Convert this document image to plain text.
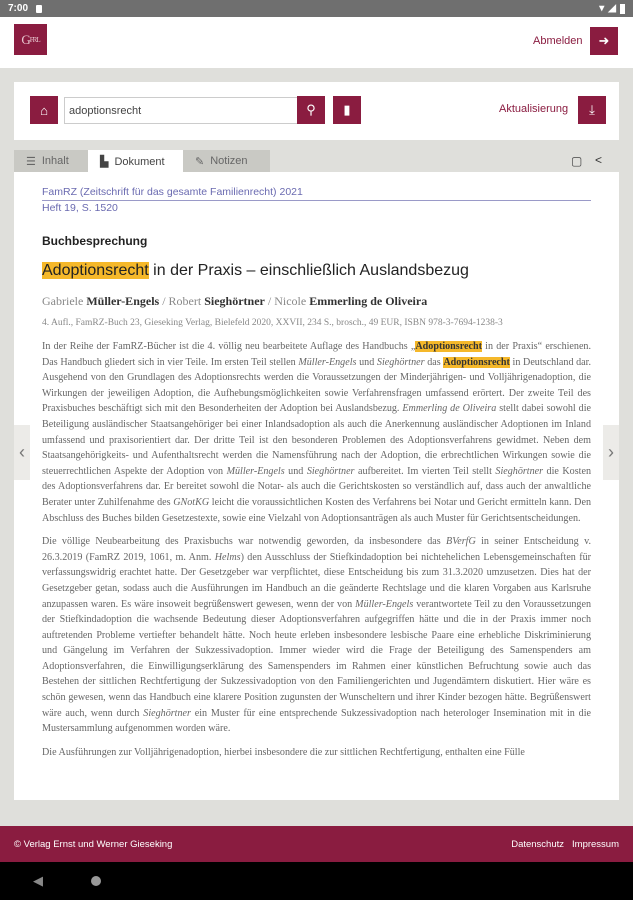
7:00	▾ ◢
G FRL	Abmelden ➜
⌂
adoptionsrecht	⚲ ▮	Aktualisierung ⤓
☰ Inhalt	▙ Dokument	✎ Notizen	▢ <
FamRZ (Zeitschrift für das gesamte Familienrecht) 2021
Heft 19, S. 1520
Buchbesprechung
Adoptionsrecht in der Praxis – einschließlich Auslandsbezug
Gabriele Müller-Engels / Robert Sieghörtner / Nicole Emmerling de Oliveira
4. Aufl., FamRZ-Buch 23, Gieseking Verlag, Bielefeld 2020, XXVII, 234 S., brosch., 49 EUR, ISBN 978-3-7694-1238-3

In der Reihe der FamRZ-Bücher ist die 4. völlig neu bearbeitete Auflage des Handbuchs „Adoptionsrecht in der Praxis“ erschienen. Das Handbuch gliedert sich in vier Teile. Im ersten Teil stellen Müller-Engels und Sieghörtner das Adoptionsrecht in Deutschland dar. Ausgehend von den Grundlagen des Adoptionsrechts werden die Voraussetzungen der Minderjährigen- und Volljährigenadoption, die Wirkungen der jeweiligen Adoption, die Aufhebungsmöglichkeiten sowie Verfahrensfragen umfassend erörtert. Der zweite Teil des Praxisbuches beschäftigt sich mit den Besonderheiten der Adoption bei Auslandsbezug. Emmerling de Oliveira stellt dabei sowohl die Beteiligung ausländischer Staatsangehöriger bei einer Inlandsadoption als auch die Anerkennung ausländischer Adoptionen im Inland umfassend und praxisorientiert dar. Der dritte Teil ist den besonderen Problemen des Adoptionsverfahrens gewidmet. Neben dem Staatsangehörigkeits- und Aufenthaltsrecht werden die Namensführung nach der Adoption, die erbrechtlichen Wirkungen sowie die steuerrechtlichen Aspekte der Adoption von Müller-Engels und Sieghörtner aufbereitet. Im vierten Teil stellt Sieghörtner die Kosten des Adoptionsverfahrens dar. Er bereitet sowohl die Notar- als auch die Gerichtskosten so verständlich auf, dass auch der anwaltliche Berater unter Zuhilfenahme des GNotKG leicht die voraussichtlichen Kosten des Verfahrens bei Notar und Gericht ermitteln kann. Den Abschluss des Buches bilden Gesetzestexte, sowie eine Vielzahl von Adoptionsanträgen als auch Muster für Gerichtsentscheidungen.

Die völlige Neubearbeitung des Praxisbuchs war notwendig geworden, da insbesondere das BVerfG in seiner Entscheidung v. 26.3.2019 (FamRZ 2019, 1061, m. Anm. Helms) den Ausschluss der Stiefkindadoption bei nichtehelichen Lebensgemeinschaften für verfassungswidrig erachtet hatte. Der Gesetzgeber war verpflichtet, diese Entscheidung bis zum 31.3.2020 umzusetzen. Dies hat der Gesetzgeber getan, sodass auch die Ausführungen im Handbuch an die geänderte Rechtslage und die klaren Vorgaben aus Karlsruhe anzupassen waren. Es wäre insoweit begrüßenswert gewesen, wenn der von Müller-Engels verantwortete Teil zu den Voraussetzungen der Stiefkindadoption die wachsende Bedeutung dieser Adoptionsverfahren aufgegriffen hätte und die in der Praxis immer noch auftretenden Probleme vertiefter behandelt hätte. Noch heute erleben insbesondere lesbische Paare eine erhebliche Diskriminierung und Gängelung im Verfahren der Sukzessivadoption. Immer wieder wird die Frage der Beteiligung des Samenspenders am Adoptionsverfahren, die Einwilligungserklärung des Samenspenders im Rahmen einer künstlichen Befruchtung sowie auch das Bestehen der sittlichen Rechtfertigung der Sukzessivadoption von den Familiengerichten und Jugendämtern diskutiert. Hier wäre es schön gewesen, wenn das Handbuch eine klarere Position zugunsten der Wunscheltern und ihrer Kinder bezogen hätte. Begrüßenswert wäre auch, wenn durch Sieghörtner ein Muster für eine entsprechende Sukzessivadoption nach heterologer Insemination mit in die Mustersammlung aufgenommen worden wäre.

Die Ausführungen zur Volljährigenadoption, hierbei insbesondere die zur sittlichen Rechtfertigung, enthalten eine Fülle

‹	›
© Verlag Ernst und Werner Gieseking	Datenschutz Impressum
◀
